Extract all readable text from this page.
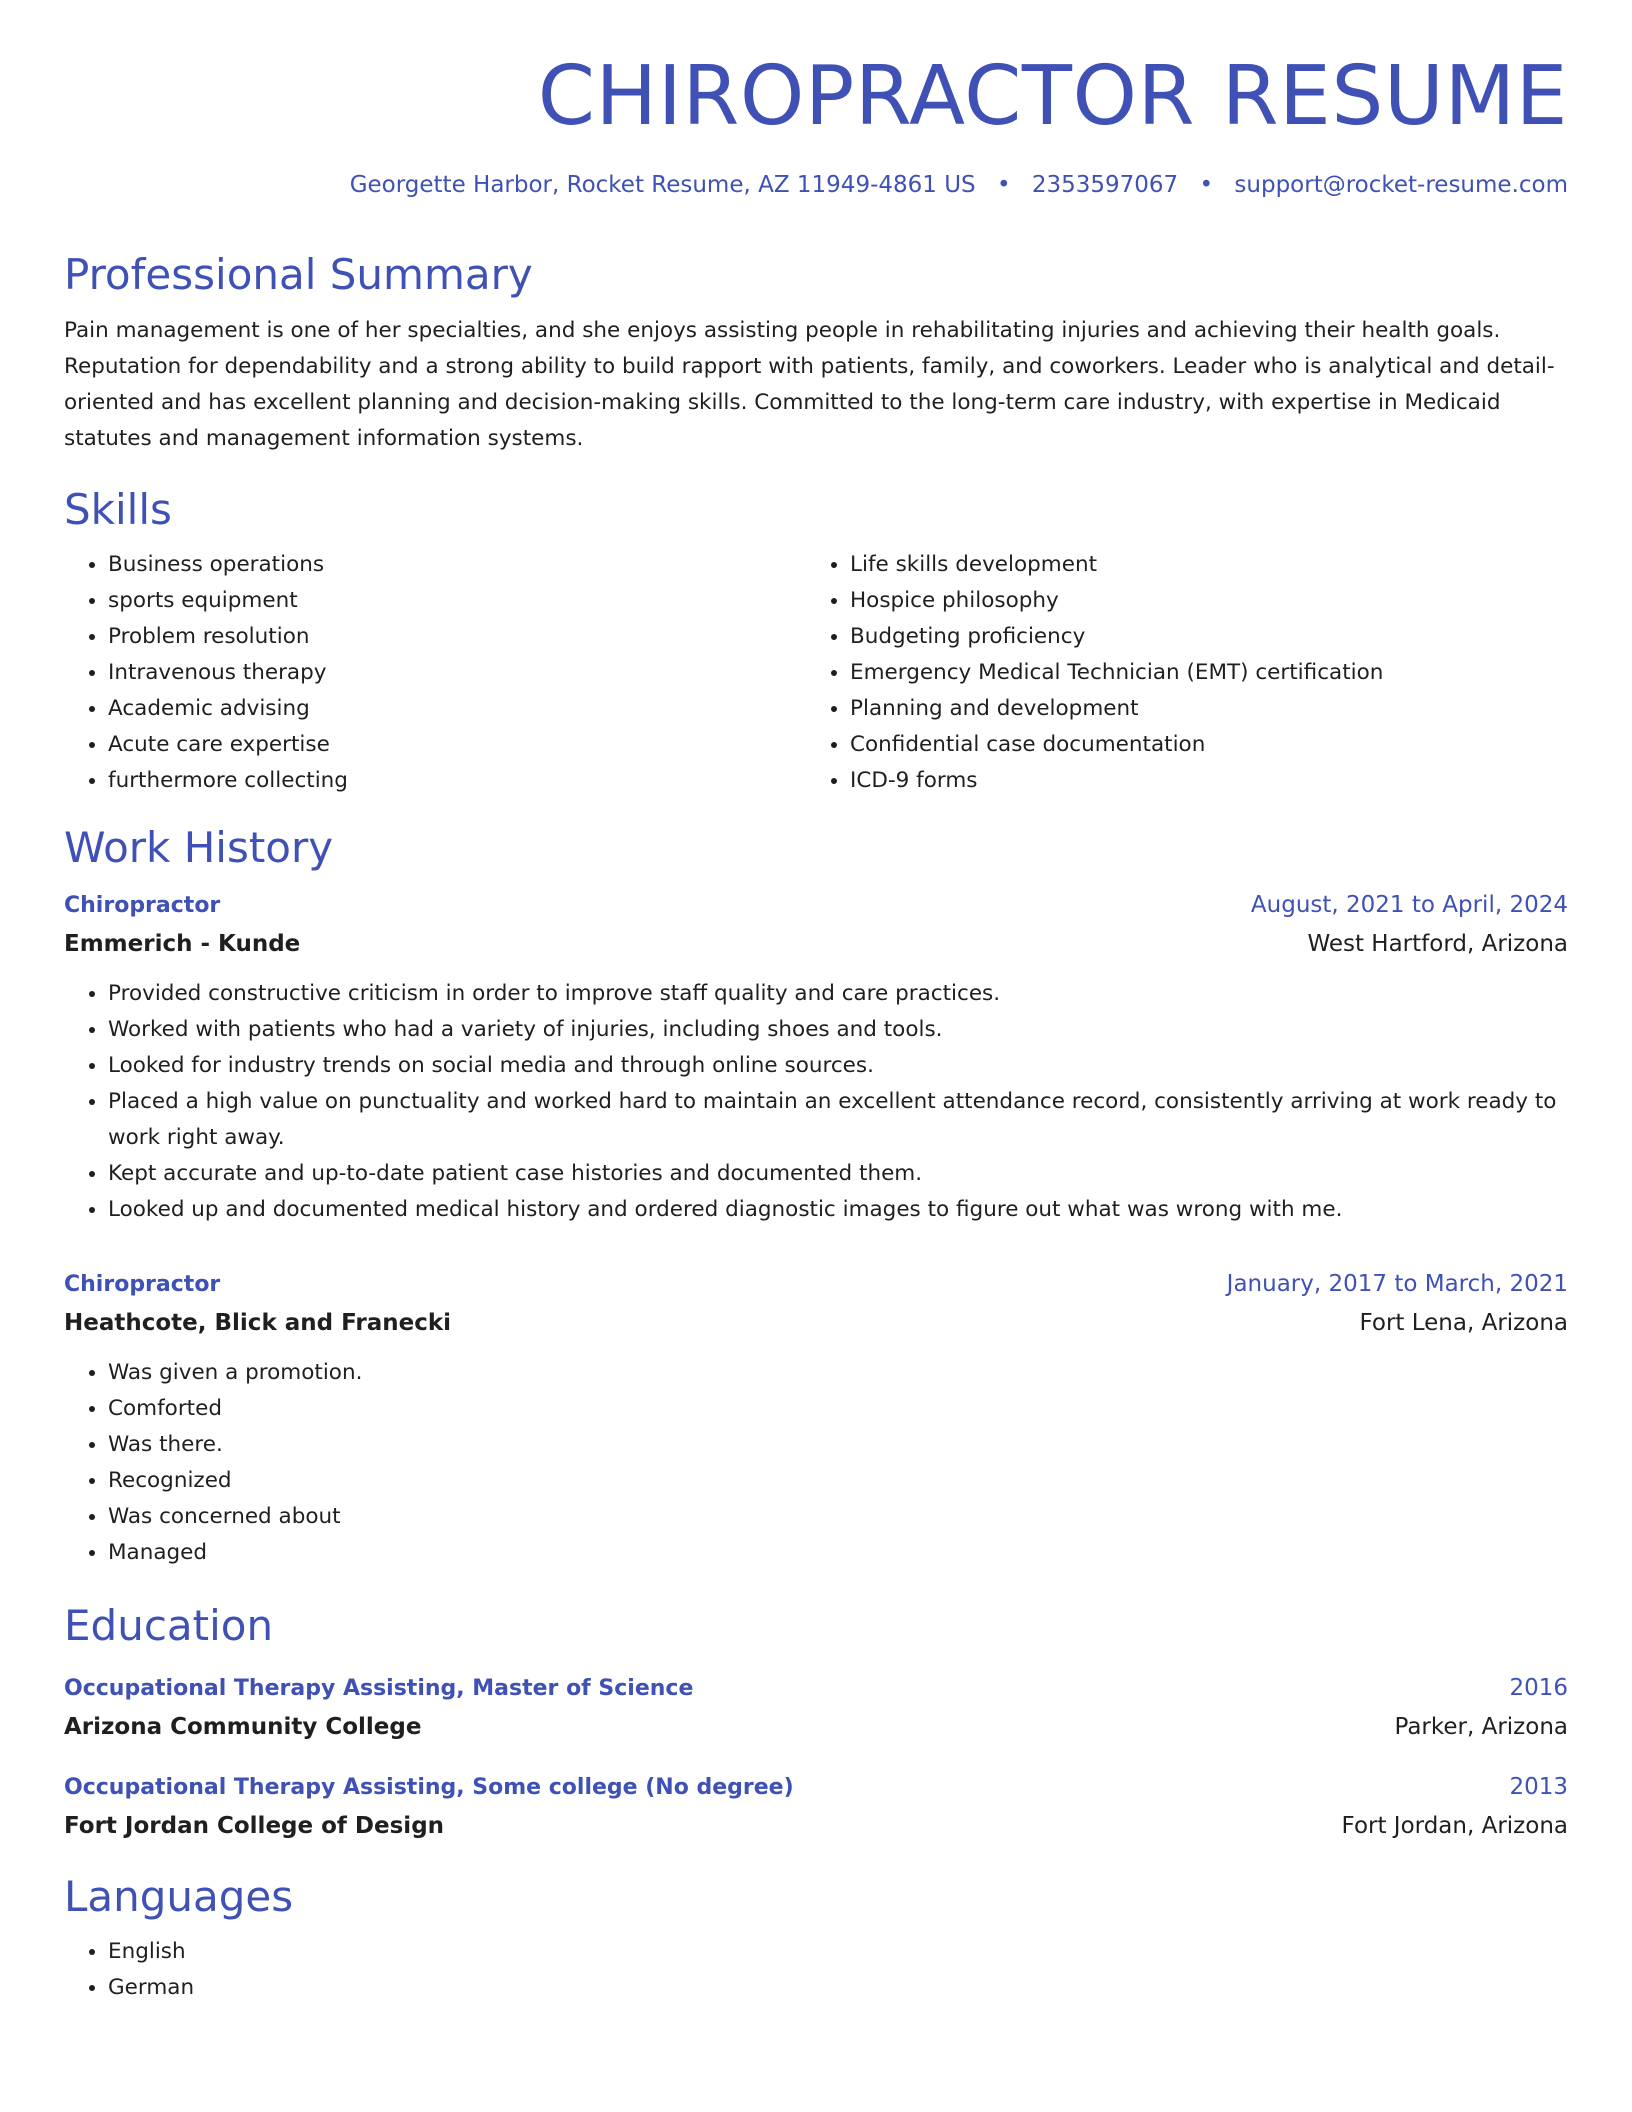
CHIROPRACTOR RESUME
Georgette Harbor, Rocket Resume, AZ 11949-4861 US • 2353597067 • support@rocket-resume.com
Professional Summary

Pain management is one of her specialties, and she enjoys assisting people in rehabilitating injuries and achieving their health goals. Reputation for dependability and a strong ability to build rapport with patients, family, and coworkers. Leader who is analytical and detail-oriented and has excellent planning and decision-making skills. Committed to the long-term care industry, with expertise in Medicaid statutes and management information systems.

Skills
• Business operations
• sports equipment
• Problem resolution
• Intravenous therapy
• Academic advising
• Acute care expertise
• furthermore collecting
• Life skills development
• Hospice philosophy
• Budgeting proficiency
• Emergency Medical Technician (EMT) certification
• Planning and development
• Confidential case documentation
• ICD-9 forms
Work History
Chiropractor	August, 2021 to April, 2024
Emmerich - Kunde	West Hartford, Arizona
• Provided constructive criticism in order to improve staff quality and care practices.
• Worked with patients who had a variety of injuries, including shoes and tools.
• Looked for industry trends on social media and through online sources.
• Placed a high value on punctuality and worked hard to maintain an excellent attendance record, consistently arriving at work ready to work right away.
• Kept accurate and up-to-date patient case histories and documented them.
• Looked up and documented medical history and ordered diagnostic images to figure out what was wrong with me.
Chiropractor	January, 2017 to March, 2021
Heathcote, Blick and Franecki	Fort Lena, Arizona
• Was given a promotion.
• Comforted
• Was there.
• Recognized
• Was concerned about
• Managed
Education
Occupational Therapy Assisting, Master of Science	2016
Arizona Community College	Parker, Arizona
Occupational Therapy Assisting, Some college (No degree)	2013
Fort Jordan College of Design	Fort Jordan, Arizona
Languages
• English
• German
